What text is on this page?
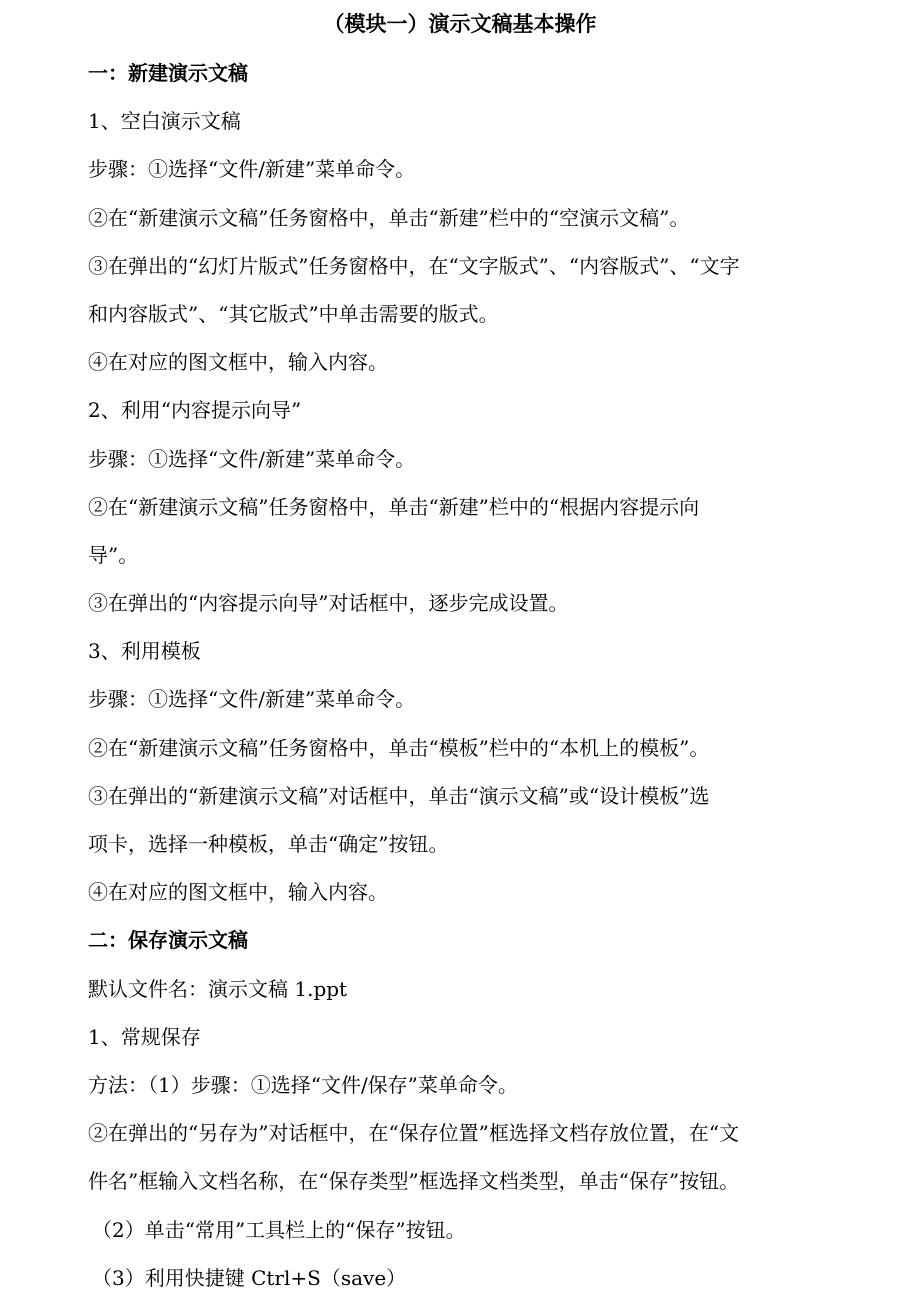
（模块一）演示文稿基本操作
一：新建演示文稿
1、空白演示文稿
步骤：①选择“文件/新建”菜单命令。
②在“新建演示文稿”任务窗格中，单击“新建”栏中的“空演示文稿”。
③在弹出的“幻灯片版式”任务窗格中，在“文字版式”、“内容版式”、“文字
和内容版式”、“其它版式”中单击需要的版式。
④在对应的图文框中，输入内容。
2、利用“内容提示向导”
步骤：①选择“文件/新建”菜单命令。
②在“新建演示文稿”任务窗格中，单击“新建”栏中的“根据内容提示向
导”。
③在弹出的“内容提示向导”对话框中，逐步完成设置。
3、利用模板
步骤：①选择“文件/新建”菜单命令。
②在“新建演示文稿”任务窗格中，单击“模板”栏中的“本机上的模板”。
③在弹出的“新建演示文稿”对话框中，单击“演示文稿”或“设计模板”选
项卡，选择一种模板，单击“确定”按钮。
④在对应的图文框中，输入内容。
二：保存演示文稿
默认文件名：演示文稿 1.ppt
1、常规保存
方法：（1）步骤：①选择“文件/保存”菜单命令。
②在弹出的“另存为”对话框中，在“保存位置”框选择文档存放位置，在“文
件名”框输入文档名称，在“保存类型”框选择文档类型，单击“保存”按钮。
（2）单击“常用”工具栏上的“保存”按钮。
（3）利用快捷键 Ctrl+S（save）
